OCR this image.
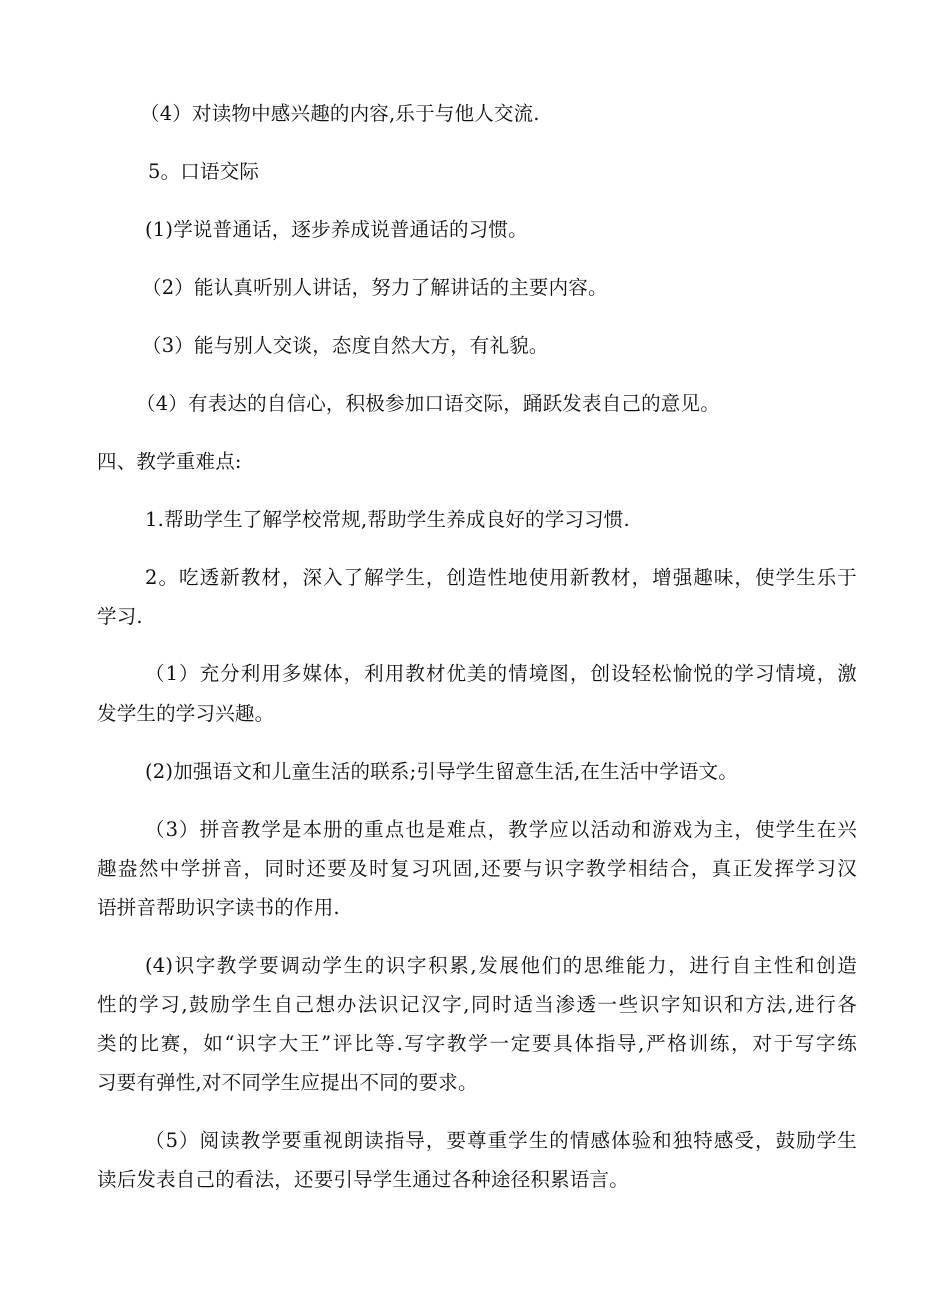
（4）对读物中感兴趣的内容,乐于与他人交流.
5。口语交际
(1)学说普通话，逐步养成说普通话的习惯。
（2）能认真听别人讲话，努力了解讲话的主要内容。
（3）能与别人交谈，态度自然大方，有礼貌。
（4）有表达的自信心，积极参加口语交际，踊跃发表自己的意见。
四、教学重难点:
1.帮助学生了解学校常规,帮助学生养成良好的学习习惯.
2。吃透新教材，深入了解学生，创造性地使用新教材，增强趣味，使学生乐于
学习.
（1）充分利用多媒体，利用教材优美的情境图，创设轻松愉悦的学习情境，激
发学生的学习兴趣。
(2)加强语文和儿童生活的联系;引导学生留意生活,在生活中学语文。
（3）拼音教学是本册的重点也是难点，教学应以活动和游戏为主，使学生在兴
趣盎然中学拼音，同时还要及时复习巩固,还要与识字教学相结合，真正发挥学习汉
语拼音帮助识字读书的作用.
(4)识字教学要调动学生的识字积累,发展他们的思维能力，进行自主性和创造
性的学习,鼓励学生自己想办法识记汉字,同时适当渗透一些识字知识和方法,进行各
类的比赛，如“识字大王”评比等.写字教学一定要具体指导,严格训练，对于写字练
习要有弹性,对不同学生应提出不同的要求。
（5）阅读教学要重视朗读指导，要尊重学生的情感体验和独特感受，鼓励学生
读后发表自己的看法，还要引导学生通过各种途径积累语言。
